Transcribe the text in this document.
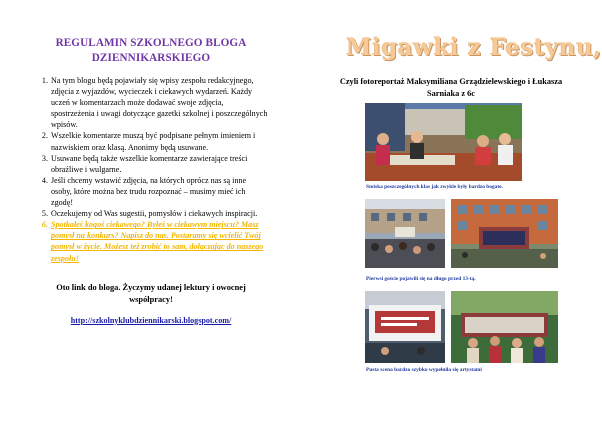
REGULAMIN SZKOLNEGO BLOGA
DZIENNIKARSKIEGO
1. Na tym blogu będą pojawiały się wpisy zespołu redakcyjnego, zdjęcia z wyjazdów, wycieczek i ciekawych wydarzeń. Każdy uczeń w komentarzach może dodawać swoje zdjęcia, spostrzeżenia i uwagi dotyczące gazetki szkolnej i poszczególnych wpisów.
2. Wszelkie komentarze muszą być podpisane pełnym imieniem i nazwiskiem oraz klasą. Anonimy będą usuwane.
3. Usuwane będą także wszelkie komentarze zawierające treści obraźliwe i wulgarne.
4. Jeśli chcemy wstawić zdjęcia, na których oprócz nas są inne osoby, które można bez trudu rozpoznać – musimy mieć ich zgodę!
5. Oczekujemy od Was sugestii, pomysłów i ciekawych inspiracji.
6. Spotkałeś kogoś ciekawego? Byłeś w ciekawym miejscu? Masz pomysł na konkurs? Napisz do nas. Postaramy się wcielić Twój pomysł w życie. Możesz też zrobić to sam, dołączając do naszego zespołu!
Oto link do bloga. Życzymy udanej lektury i owocnej współpracy!
http://szkolnyklubdziennikarski.blogspot.com/
Migawki z Festynu,
Czyli fotoreportaż Maksymiliana Grządzielewskiego i Łukasza Sarniaka z 6c
Stoiska poszczególnych klas jak zwykle były bardzo bogate.
Pierwsi goście pojawili się na długo przed 13-tą.
Pusta scena bardzo szybko wypełniła się artystami
